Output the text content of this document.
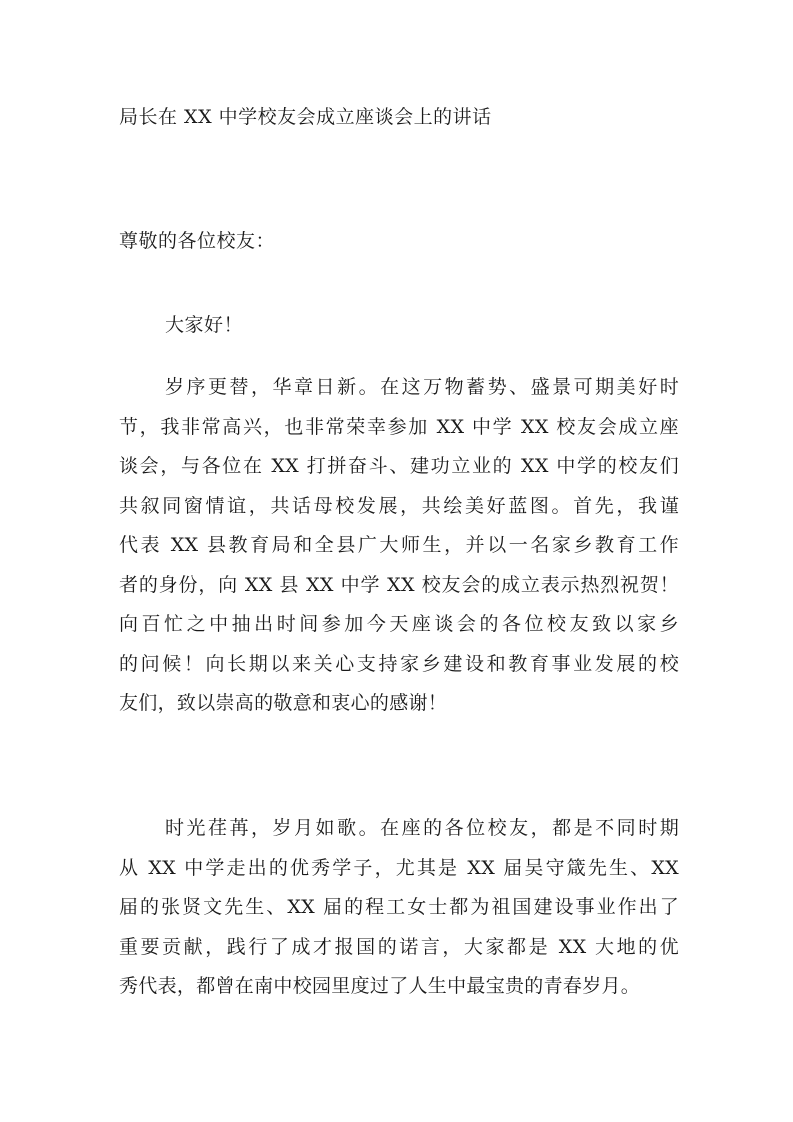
局长在 XX 中学校友会成立座谈会上的讲话
尊敬的各位校友：
大家好！
岁序更替，华章日新。在这万物蓄势、盛景可期美好时
节，我非常高兴，也非常荣幸参加 XX 中学 XX 校友会成立座
谈会，与各位在 XX 打拼奋斗、建功立业的 XX 中学的校友们
共叙同窗情谊，共话母校发展，共绘美好蓝图。首先，我谨
代表 XX 县教育局和全县广大师生，并以一名家乡教育工作
者的身份，向 XX 县 XX 中学 XX 校友会的成立表示热烈祝贺！
向百忙之中抽出时间参加今天座谈会的各位校友致以家乡
的问候！向长期以来关心支持家乡建设和教育事业发展的校
友们，致以崇高的敬意和衷心的感谢！
时光荏苒，岁月如歌。在座的各位校友，都是不同时期
从 XX 中学走出的优秀学子，尤其是 XX 届吴守箴先生、XX
届的张贤文先生、XX 届的程工女士都为祖国建设事业作出了
重要贡献，践行了成才报国的诺言，大家都是 XX 大地的优
秀代表，都曾在南中校园里度过了人生中最宝贵的青春岁月。
